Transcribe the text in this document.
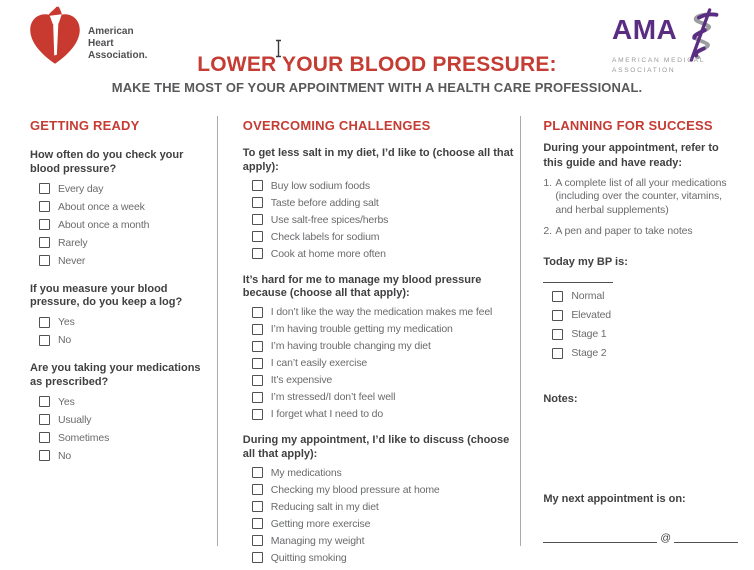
American
Heart
Association.	LOWER YOUR BLOOD PRESSURE:
MAKE THE MOST OF YOUR APPOINTMENT WITH A HEALTH CARE PROFESSIONAL.
AMA
AMERICAN MEDICAL
ASSOCIATION
GETTING READY

How often do you check your blood pressure?

Every day
About once a week
About once a month
Rarely
Never

If you measure your blood pressure, do you keep a log?

Yes
No

Are you taking your medications as prescribed?

Yes
Usually
Sometimes
No
OVERCOMING CHALLENGES

To get less salt in my diet, I’d like to (choose all that apply):

Buy low sodium foods
Taste before adding salt
Use salt-free spices/herbs
Check labels for sodium
Cook at home more often

It’s hard for me to manage my blood pressure because (choose all that apply):

I don’t like the way the medication makes me feel
I’m having trouble getting my medication
I’m having trouble changing my diet
I can’t easily exercise
It’s expensive
I’m stressed/I don’t feel well
I forget what I need to do

During my appointment, I’d like to discuss (choose all that apply):

My medications
Checking my blood pressure at home
Reducing salt in my diet
Getting more exercise
Managing my weight
Quitting smoking
PLANNING FOR SUCCESS

During your appointment, refer to this guide and have ready:

1. A complete list of all your medications (including over the counter, vitamins, and herbal supplements)
2. A pen and paper to take notes
Today my BP is:
Normal
Elevated
Stage 1
Stage 2
Notes:
My next appointment is on:
@
